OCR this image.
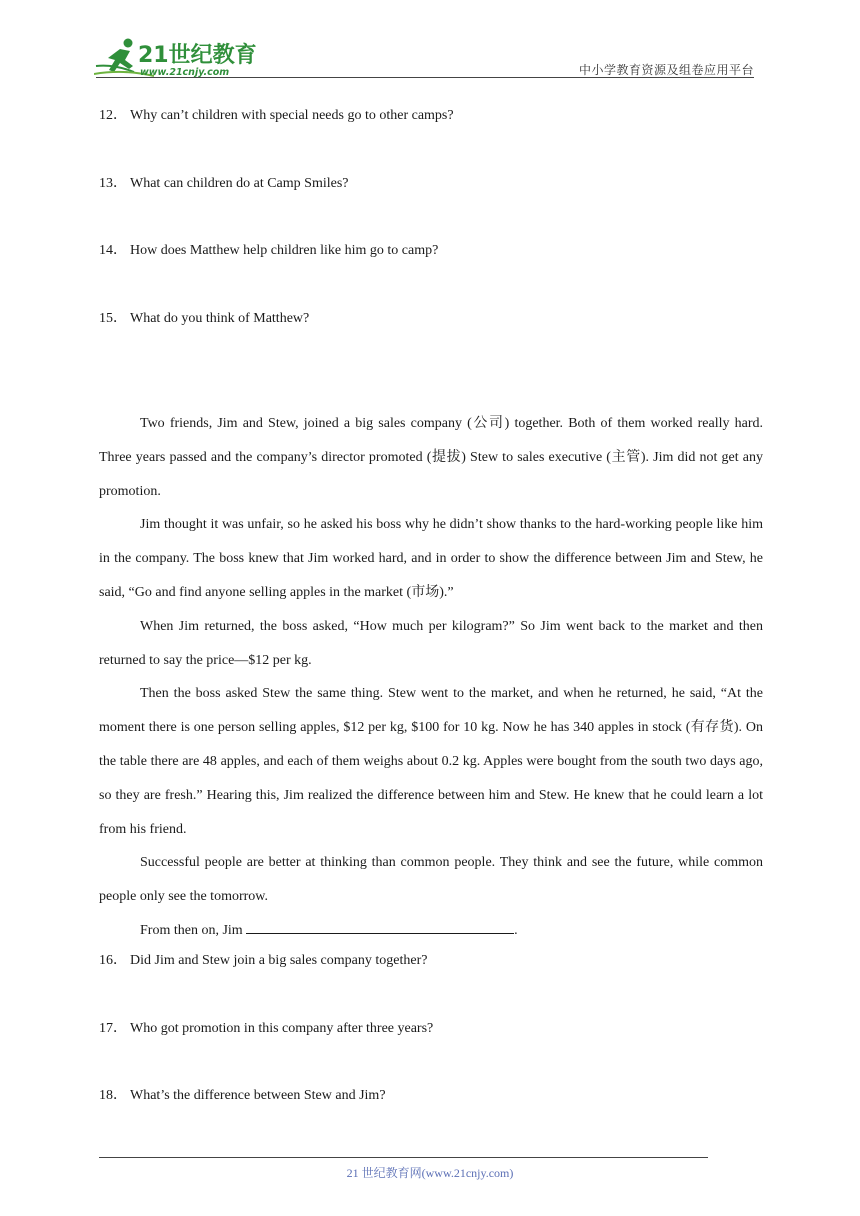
21世纪教育
www.21cnjy.com	中小学教育资源及组卷应用平台
12． Why can’t children with special needs go to other camps?
13． What can children do at Camp Smiles?
14． How does Matthew help children like him go to camp?
15． What do you think of Matthew?

Two friends, Jim and Stew, joined a big sales company (公司) together. Both of them worked really hard. Three years passed and the company’s director promoted (提拔) Stew to sales executive (主管). Jim did not get any promotion.

Jim thought it was unfair, so he asked his boss why he didn’t show thanks to the hard-working people like him in the company. The boss knew that Jim worked hard, and in order to show the difference between Jim and Stew, he said, “Go and find anyone selling apples in the market (市场).”

When Jim returned, the boss asked, “How much per kilogram?” So Jim went back to the market and then returned to say the price—$12 per kg.

Then the boss asked Stew the same thing. Stew went to the market, and when he returned, he said, “At the moment there is one person selling apples, $12 per kg, $100 for 10 kg. Now he has 340 apples in stock (有存货). On the table there are 48 apples, and each of them weighs about 0.2 kg. Apples were bought from the south two days ago, so they are fresh.” Hearing this, Jim realized the difference between him and Stew. He knew that he could learn a lot from his friend.

Successful people are better at thinking than common people. They think and see the future, while common people only see the tomorrow.

From then on, Jim	.

16． Did Jim and Stew join a big sales company together?
17． Who got promotion in this company after three years?
18． What’s the difference between Stew and Jim?
21 世纪教育网(www.21cnjy.com)
